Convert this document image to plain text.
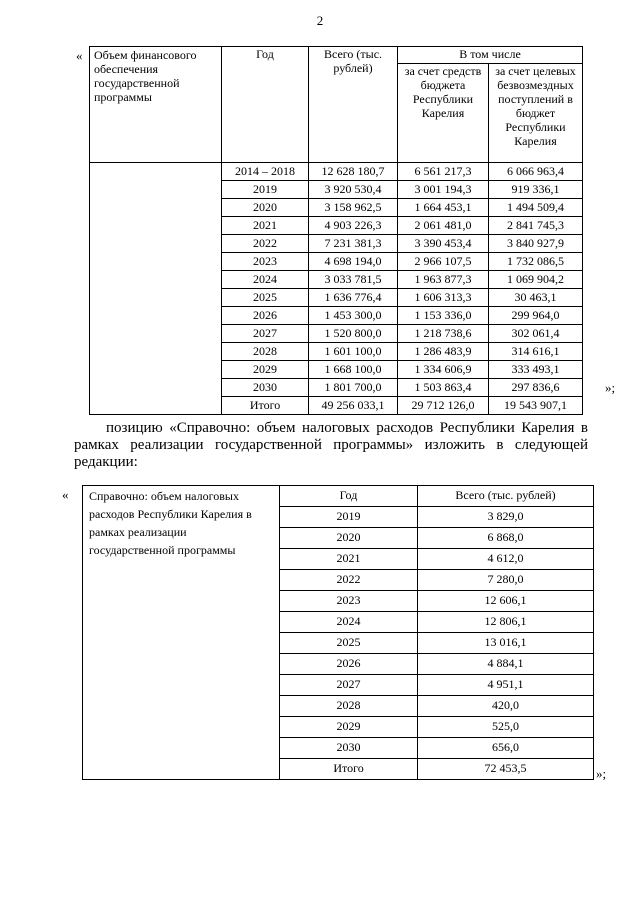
2
«
»;
Объем финансового обеспечения государственной программы	Год	Всего (тыс. рублей)	В том числе	
			за счет средств бюджета Республики Карелия	за счет целевых безвозмездных поступлений в бюджет Республики Карелия
	2014 – 2018	12 628 180,7	6 561 217,3	6 066 963,4
	2019	3 920 530,4	3 001 194,3	919 336,1
	2020	3 158 962,5	1 664 453,1	1 494 509,4
	2021	4 903 226,3	2 061 481,0	2 841 745,3
	2022	7 231 381,3	3 390 453,4	3 840 927,9
	2023	4 698 194,0	2 966 107,5	1 732 086,5
	2024	3 033 781,5	1 963 877,3	1 069 904,2
	2025	1 636 776,4	1 606 313,3	30 463,1
	2026	1 453 300,0	1 153 336,0	299 964,0
	2027	1 520 800,0	1 218 738,6	302 061,4
	2028	1 601 100,0	1 286 483,9	314 616,1
	2029	1 668 100,0	1 334 606,9	333 493,1
	2030	1 801 700,0	1 503 863,4	297 836,6
	Итого	49 256 033,1	29 712 126,0	19 543 907,1
позицию «Справочно: объем налоговых расходов Республики Карелия в рамках реализации государственной программы» изложить в следующей редакции:
«
»;
Справочно: объем налоговых расходов Республики Карелия в рамках реализации государственной программы	Год	Всего (тыс. рублей)
	2019	3 829,0
	2020	6 868,0
	2021	4 612,0
	2022	7 280,0
	2023	12 606,1
	2024	12 806,1
	2025	13 016,1
	2026	4 884,1
	2027	4 951,1
	2028	420,0
	2029	525,0
	2030	656,0
	Итого	72 453,5
